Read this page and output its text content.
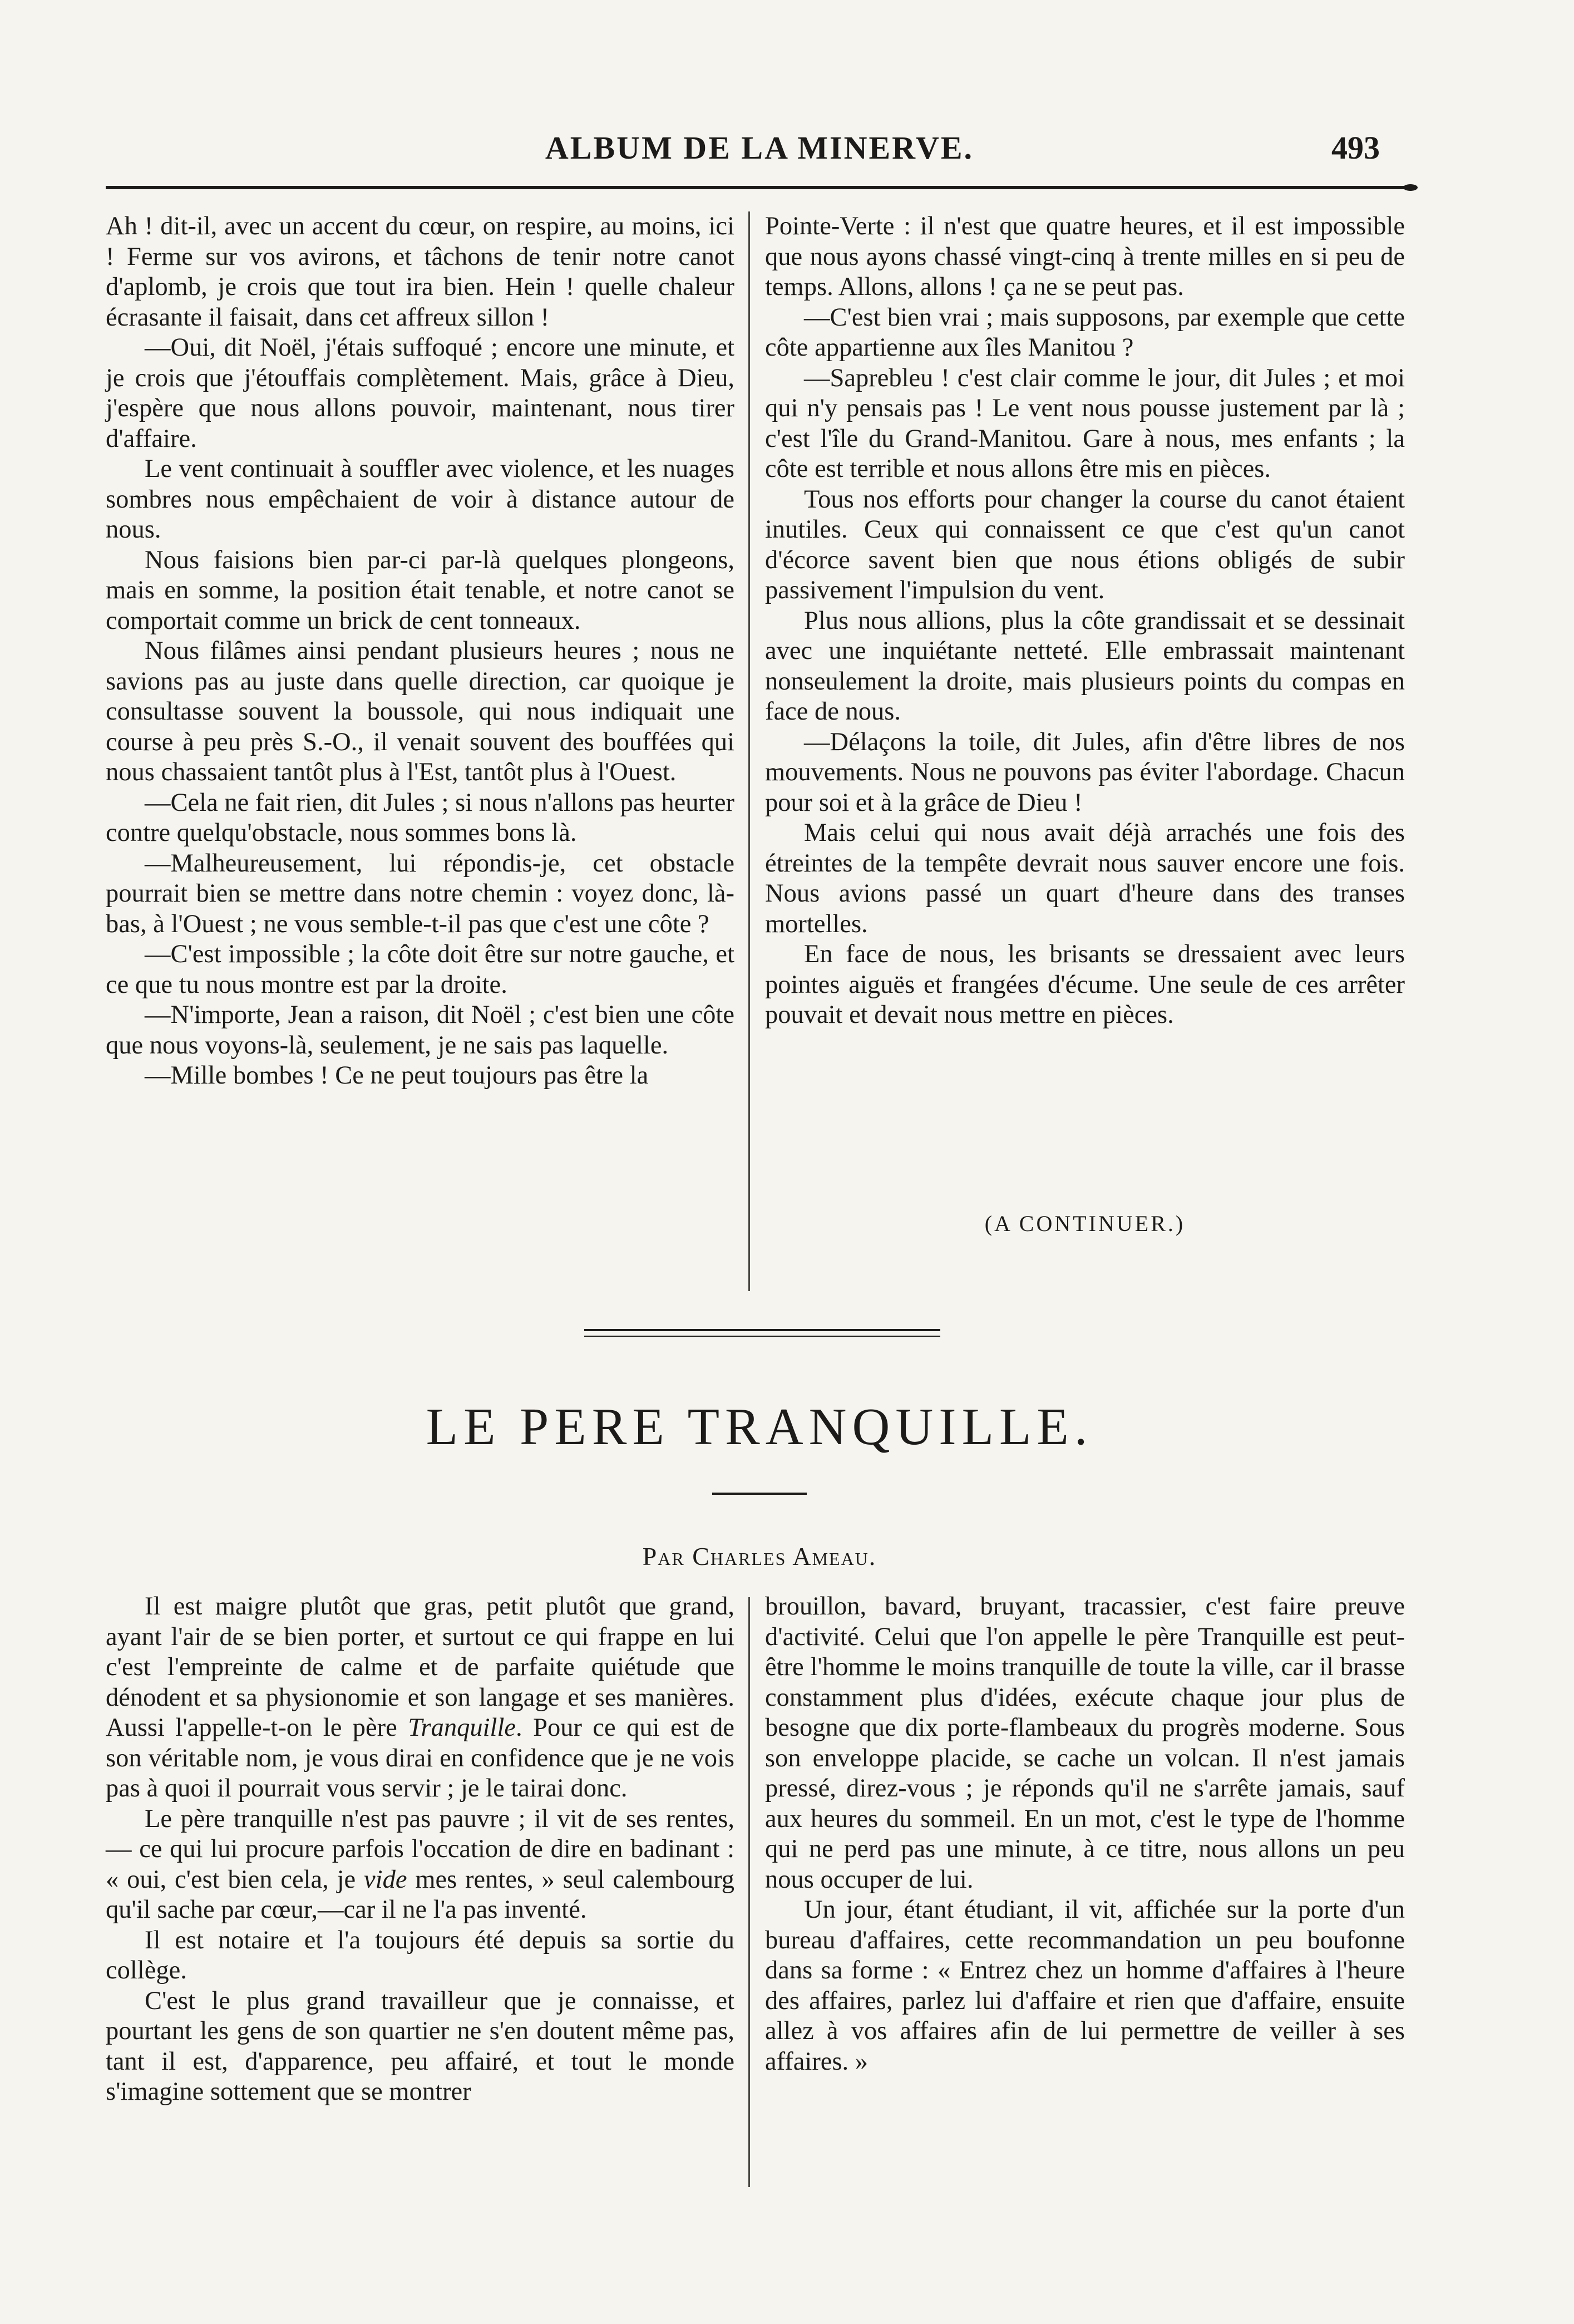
ALBUM DE LA MINERVE.	493

Ah ! dit-il, avec un accent du cœur, on respire, au moins, ici ! Ferme sur vos avirons, et tâchons de tenir notre canot d'aplomb, je crois que tout ira bien. Hein ! quelle chaleur écrasante il faisait, dans cet affreux sillon !

—Oui, dit Noël, j'étais suffoqué ; encore une minute, et je crois que j'étouffais complètement. Mais, grâce à Dieu, j'espère que nous allons pouvoir, maintenant, nous tirer d'affaire.

Le vent continuait à souffler avec violence, et les nuages sombres nous empêchaient de voir à distance autour de nous.

Nous faisions bien par-ci par-là quelques plongeons, mais en somme, la position était tenable, et notre canot se comportait comme un brick de cent tonneaux.

Nous filâmes ainsi pendant plusieurs heures ; nous ne savions pas au juste dans quelle direction, car quoique je consultasse souvent la boussole, qui nous indiquait une course à peu près S.-O., il venait souvent des bouffées qui nous chassaient tantôt plus à l'Est, tantôt plus à l'Ouest.

—Cela ne fait rien, dit Jules ; si nous n'allons pas heurter contre quelqu'obstacle, nous sommes bons là.

—Malheureusement, lui répondis-je, cet obstacle pourrait bien se mettre dans notre chemin : voyez donc, là-bas, à l'Ouest ; ne vous semble-t-il pas que c'est une côte ?

—C'est impossible ; la côte doit être sur notre gauche, et ce que tu nous montre est par la droite.

—N'importe, Jean a raison, dit Noël ; c'est bien une côte que nous voyons-là, seulement, je ne sais pas laquelle.

—Mille bombes ! Ce ne peut toujours pas être la

Pointe-Verte : il n'est que quatre heures, et il est impossible que nous ayons chassé vingt-cinq à trente milles en si peu de temps. Allons, allons ! ça ne se peut pas.

—C'est bien vrai ; mais supposons, par exemple que cette côte appartienne aux îles Manitou ?

—Saprebleu ! c'est clair comme le jour, dit Jules ; et moi qui n'y pensais pas ! Le vent nous pousse justement par là ; c'est l'île du Grand-Manitou. Gare à nous, mes enfants ; la côte est terrible et nous allons être mis en pièces.

Tous nos efforts pour changer la course du canot étaient inutiles. Ceux qui connaissent ce que c'est qu'un canot d'écorce savent bien que nous étions obligés de subir passivement l'impulsion du vent.

Plus nous allions, plus la côte grandissait et se dessinait avec une inquiétante netteté. Elle embrassait maintenant nonseulement la droite, mais plusieurs points du compas en face de nous.

—Délaçons la toile, dit Jules, afin d'être libres de nos mouvements. Nous ne pouvons pas éviter l'abordage. Chacun pour soi et à la grâce de Dieu !

Mais celui qui nous avait déjà arrachés une fois des étreintes de la tempête devrait nous sauver encore une fois. Nous avions passé un quart d'heure dans des transes mortelles.

En face de nous, les brisants se dressaient avec leurs pointes aiguës et frangées d'écume. Une seule de ces arrêter pouvait et devait nous mettre en pièces.

(A CONTINUER.)
LE PERE TRANQUILLE.
Par Charles Ameau.

Il est maigre plutôt que gras, petit plutôt que grand, ayant l'air de se bien porter, et surtout ce qui frappe en lui c'est l'empreinte de calme et de parfaite quiétude que dénodent et sa physionomie et son langage et ses manières. Aussi l'appelle-t-on le père Tranquille. Pour ce qui est de son véritable nom, je vous dirai en confidence que je ne vois pas à quoi il pourrait vous servir ; je le tairai donc.

Le père tranquille n'est pas pauvre ; il vit de ses rentes,— ce qui lui procure parfois l'occation de dire en badinant : « oui, c'est bien cela, je vide mes rentes, » seul calembourg qu'il sache par cœur,—car il ne l'a pas inventé.

Il est notaire et l'a toujours été depuis sa sortie du collège.

C'est le plus grand travailleur que je connaisse, et pourtant les gens de son quartier ne s'en doutent même pas, tant il est, d'apparence, peu affairé, et tout le monde s'imagine sottement que se montrer

brouillon, bavard, bruyant, tracassier, c'est faire preuve d'activité. Celui que l'on appelle le père Tranquille est peut-être l'homme le moins tranquille de toute la ville, car il brasse constamment plus d'idées, exécute chaque jour plus de besogne que dix porte-flambeaux du progrès moderne. Sous son enveloppe placide, se cache un volcan. Il n'est jamais pressé, direz-vous ; je réponds qu'il ne s'arrête jamais, sauf aux heures du sommeil. En un mot, c'est le type de l'homme qui ne perd pas une minute, à ce titre, nous allons un peu nous occuper de lui.

Un jour, étant étudiant, il vit, affichée sur la porte d'un bureau d'affaires, cette recommandation un peu boufonne dans sa forme : « Entrez chez un homme d'affaires à l'heure des affaires, parlez lui d'affaire et rien que d'affaire, ensuite allez à vos affaires afin de lui permettre de veiller à ses affaires. »
